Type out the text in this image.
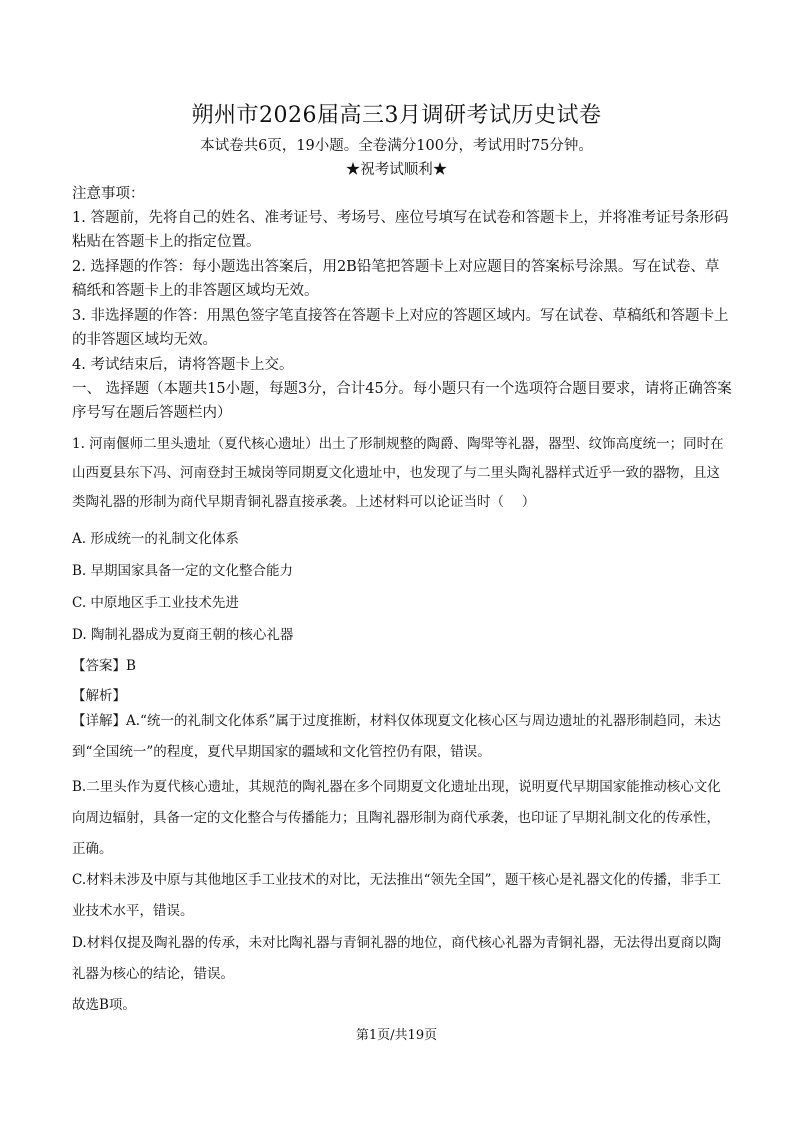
朔州市2026届高三3月调研考试历史试卷
本试卷共6页，19小题。全卷满分100分，考试用时75分钟。
★祝考试顺利★
注意事项：
1. 答题前，先将自己的姓名、准考证号、考场号、座位号填写在试卷和答题卡上，并将准考证号条形码粘贴在答题卡上的指定位置。
2. 选择题的作答：每小题选出答案后，用2B铅笔把答题卡上对应题目的答案标号涂黑。写在试卷、草稿纸和答题卡上的非答题区域均无效。
3. 非选择题的作答：用黑色签字笔直接答在答题卡上对应的答题区域内。写在试卷、草稿纸和答题卡上的非答题区域均无效。
4. 考试结束后，请将答题卡上交。
一、 选择题（本题共15小题，每题3分，合计45分。每小题只有一个选项符合题目要求，请将正确答案序号写在题后答题栏内）
1. 河南偃师二里头遗址（夏代核心遗址）出土了形制规整的陶爵、陶斝等礼器，器型、纹饰高度统一；同时在山西夏县东下冯、河南登封王城岗等同期夏文化遗址中，也发现了与二里头陶礼器样式近乎一致的器物，且这类陶礼器的形制为商代早期青铜礼器直接承袭。上述材料可以论证当时（　 ）
A. 形成统一的礼制文化体系
B. 早期国家具备一定的文化整合能力
C. 中原地区手工业技术先进
D. 陶制礼器成为夏商王朝的核心礼器
【答案】B
【解析】
【详解】A.“统一的礼制文化体系”属于过度推断，材料仅体现夏文化核心区与周边遗址的礼器形制趋同，未达到“全国统一”的程度，夏代早期国家的疆域和文化管控仍有限，错误。
B.二里头作为夏代核心遗址，其规范的陶礼器在多个同期夏文化遗址出现，说明夏代早期国家能推动核心文化向周边辐射，具备一定的文化整合与传播能力；且陶礼器形制为商代承袭，也印证了早期礼制文化的传承性，正确。
C.材料未涉及中原与其他地区手工业技术的对比，无法推出“领先全国”，题干核心是礼器文化的传播，非手工业技术水平，错误。
D.材料仅提及陶礼器的传承，未对比陶礼器与青铜礼器的地位，商代核心礼器为青铜礼器，无法得出夏商以陶礼器为核心的结论，错误。
故选B项。
第1页/共19页
